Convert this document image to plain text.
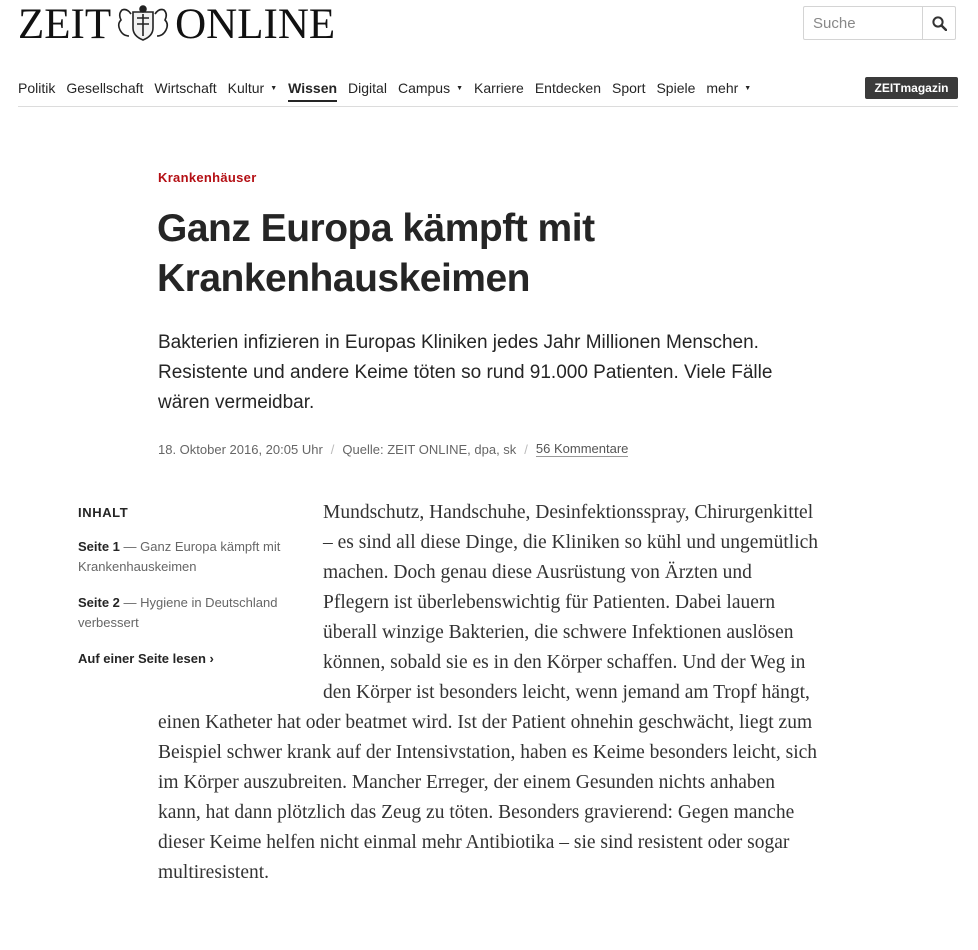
ZEIT ONLINE
Suche
Politik Gesellschaft Wirtschaft Kultur ▼ Wissen Digital Campus ▼ Karriere Entdecken Sport Spiele mehr ▼	ZEITmagazin
Krankenhäuser
Ganz Europa kämpft mit Krankenhauskeimen

Bakterien infizieren in Europas Kliniken jedes Jahr Millionen Menschen. Resistente und andere Keime töten so rund 91.000 Patienten. Viele Fälle wären vermeidbar.

18. Oktober 2016, 20:05 Uhr / Quelle: ZEIT ONLINE, dpa, sk / 56 Kommentare

Mundschutz, Handschuhe, Desinfektionsspray, Chirurgenkittel – es sind all diese Dinge, die Kliniken so kühl und ungemütlich machen. Doch genau diese Ausrüstung von Ärzten und Pflegern ist überlebenswichtig für Patienten. Dabei lauern überall winzige Bakterien, die schwere Infektionen auslösen können, sobald sie es in den Körper schaffen. Und der Weg in den Körper ist besonders leicht, wenn jemand am Tropf hängt, einen Katheter hat oder beatmet wird. Ist der Patient ohnehin geschwächt, liegt zum Beispiel schwer krank auf der Intensivstation, haben es Keime besonders leicht, sich im Körper auszubreiten. Mancher Erreger, der einem Gesunden nichts anhaben kann, hat dann plötzlich das Zeug zu töten. Besonders gravierend: Gegen manche dieser Keime helfen nicht einmal mehr Antibiotika – sie sind resistent oder sogar multiresistent.

INHALT
Seite 1 — Ganz Europa kämpft mit Krankenhauskeimen
Seite 2 — Hygiene in Deutschland verbessert
Auf einer Seite lesen ›
